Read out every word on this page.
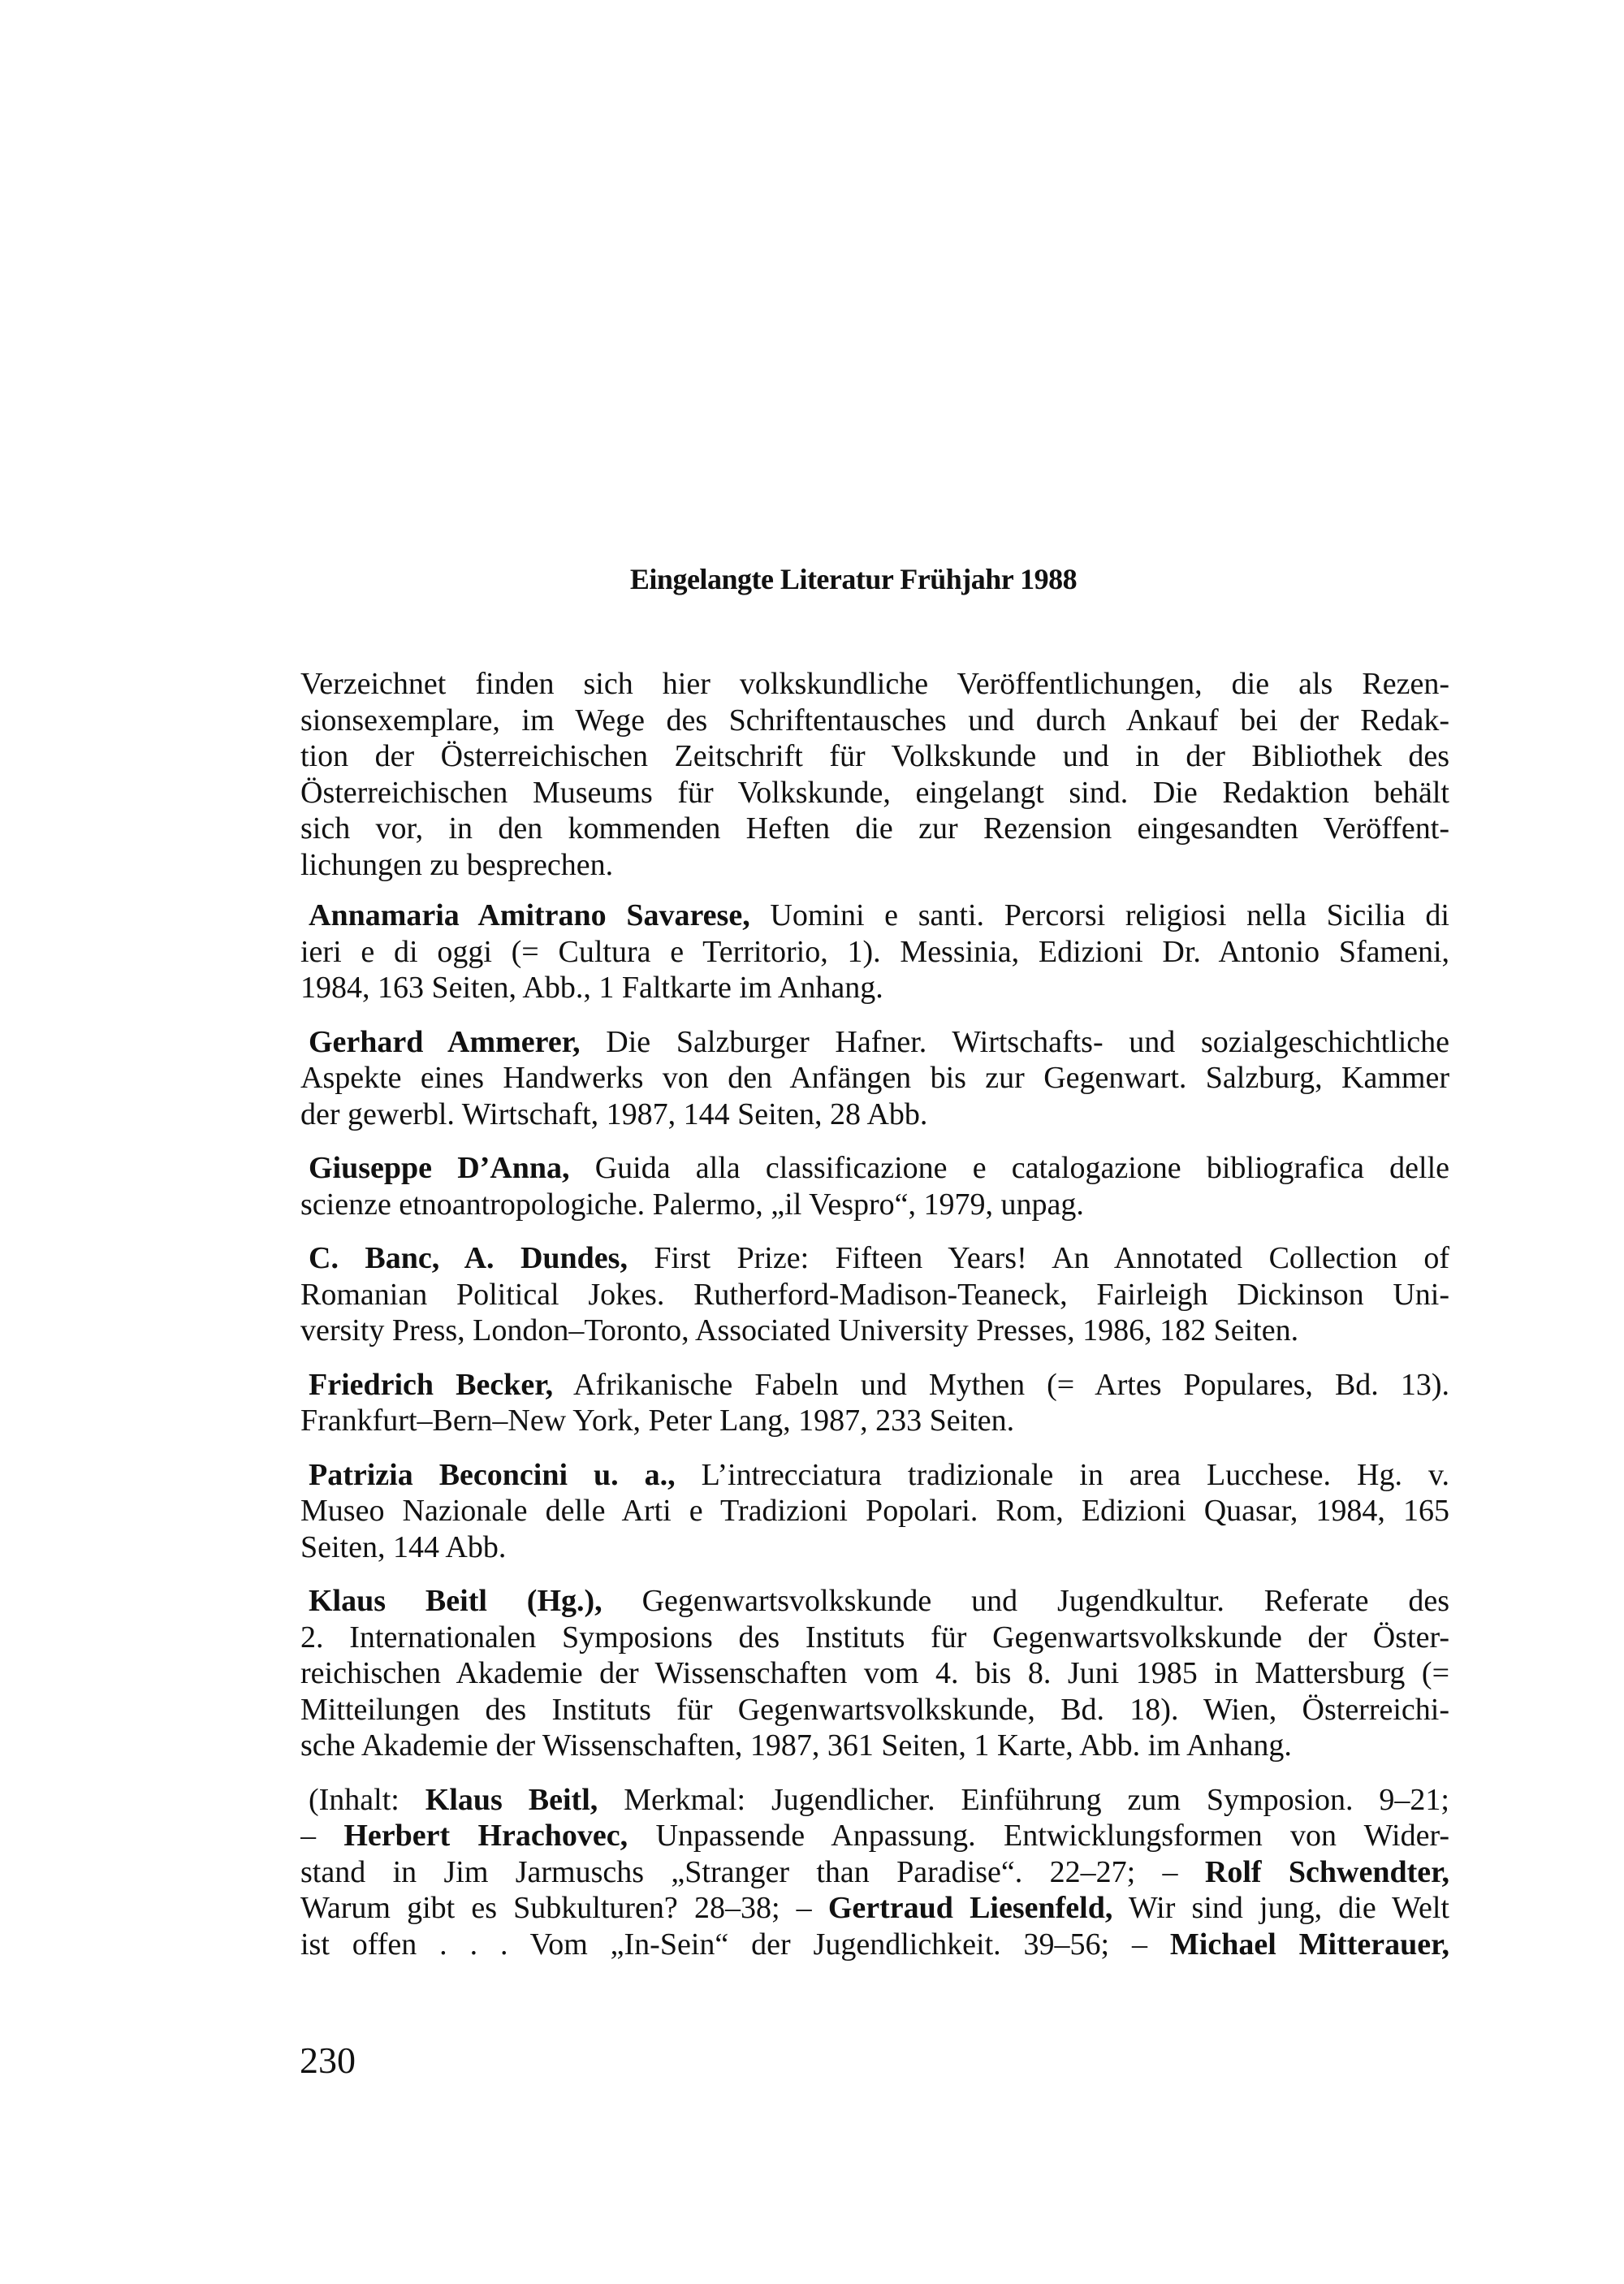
Eingelangte Literatur Frühjahr 1988
Verzeichnet finden sich hier volkskundliche Veröffentlichungen, die als Rezen-
sionsexemplare, im Wege des Schriftentausches und durch Ankauf bei der Redak-
tion der Österreichischen Zeitschrift für Volkskunde und in der Bibliothek des
Österreichischen Museums für Volkskunde, eingelangt sind. Die Redaktion behält
sich vor, in den kommenden Heften die zur Rezension eingesandten Veröffent-
lichungen zu besprechen.
Annamaria Amitrano Savarese, Uomini e santi. Percorsi religiosi nella Sicilia di
ieri e di oggi (= Cultura e Territorio, 1). Messinia, Edizioni Dr. Antonio Sfameni,
1984, 163 Seiten, Abb., 1 Faltkarte im Anhang.
Gerhard Ammerer, Die Salzburger Hafner. Wirtschafts- und sozialgeschichtliche
Aspekte eines Handwerks von den Anfängen bis zur Gegenwart. Salzburg, Kammer
der gewerbl. Wirtschaft, 1987, 144 Seiten, 28 Abb.
Giuseppe D’Anna, Guida alla classificazione e catalogazione bibliografica delle
scienze etnoantropologiche. Palermo, „il Vespro“, 1979, unpag.
C. Banc, A. Dundes, First Prize: Fifteen Years! An Annotated Collection of
Romanian Political Jokes. Rutherford-Madison-Teaneck, Fairleigh Dickinson Uni-
versity Press, London–Toronto, Associated University Presses, 1986, 182 Seiten.
Friedrich Becker, Afrikanische Fabeln und Mythen (= Artes Populares, Bd. 13).
Frankfurt–Bern–New York, Peter Lang, 1987, 233 Seiten.
Patrizia Beconcini u. a., L’intrecciatura tradizionale in area Lucchese. Hg. v.
Museo Nazionale delle Arti e Tradizioni Popolari. Rom, Edizioni Quasar, 1984, 165
Seiten, 144 Abb.
Klaus Beitl (Hg.), Gegenwartsvolkskunde und Jugendkultur. Referate des
2. Internationalen Symposions des Instituts für Gegenwartsvolkskunde der Öster-
reichischen Akademie der Wissenschaften vom 4. bis 8. Juni 1985 in Mattersburg (=
Mitteilungen des Instituts für Gegenwartsvolkskunde, Bd. 18). Wien, Österreichi-
sche Akademie der Wissenschaften, 1987, 361 Seiten, 1 Karte, Abb. im Anhang.
(Inhalt: Klaus Beitl, Merkmal: Jugendlicher. Einführung zum Symposion. 9–21;
– Herbert Hrachovec, Unpassende Anpassung. Entwicklungsformen von Wider-
stand in Jim Jarmuschs „Stranger than Paradise“. 22–27; – Rolf Schwendter,
Warum gibt es Subkulturen? 28–38; – Gertraud Liesenfeld, Wir sind jung, die Welt
ist offen . . . Vom „In-Sein“ der Jugendlichkeit. 39–56; – Michael Mitterauer,
230
